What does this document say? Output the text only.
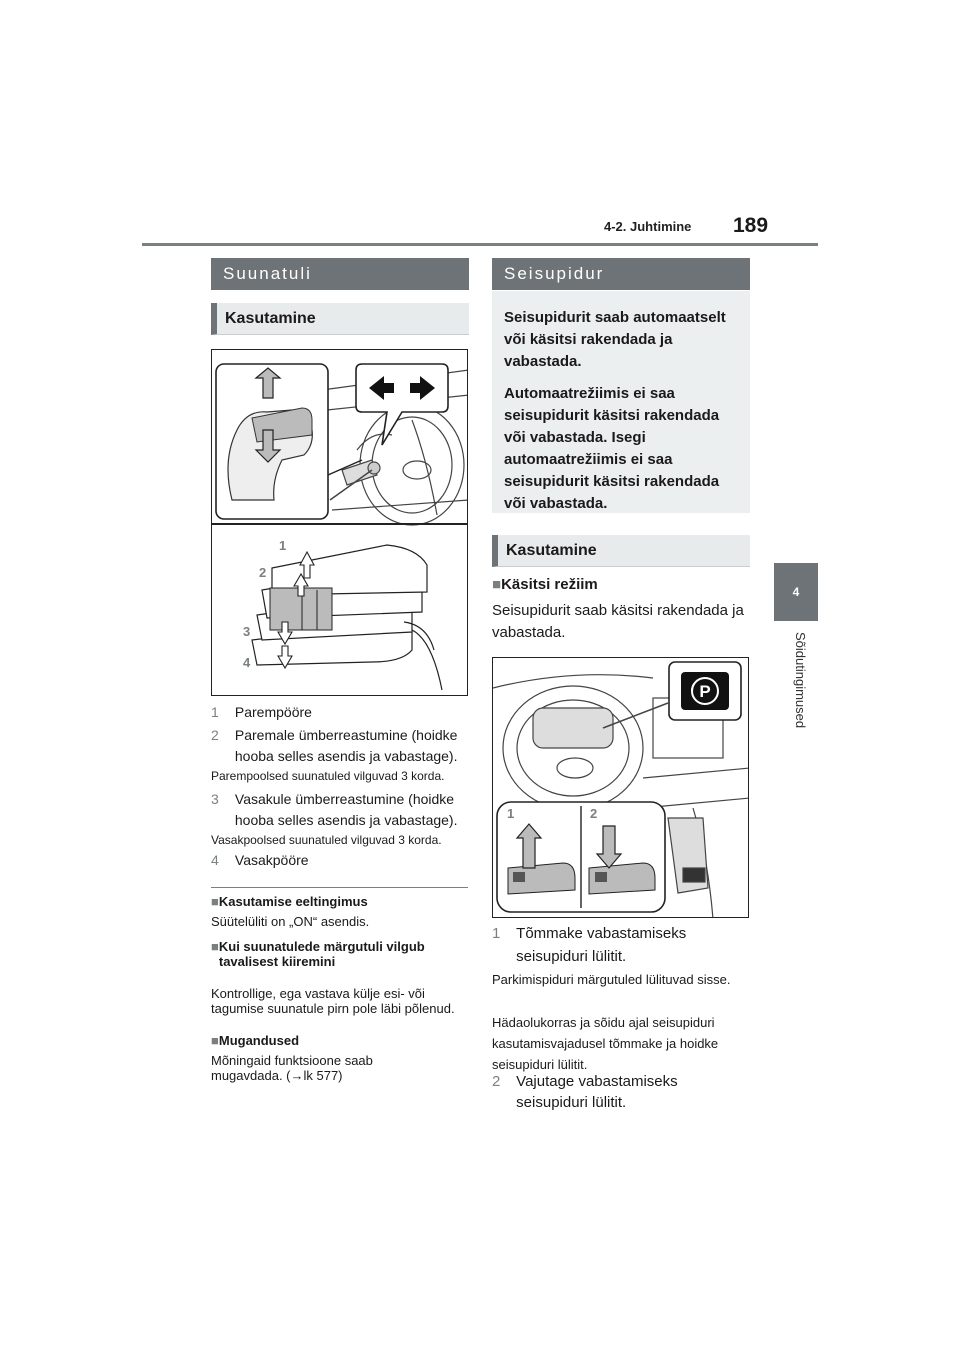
4-2. Juhtimine 189
4
Sõidutingimused
Suunatuli
Kasutamine
1
2
3
4
1 Parempööre
2 Paremale ümberreastumine (hoidke hooba selles asendis ja vabastage).
Parempoolsed suunatuled vilguvad 3 korda.
3 Vasakule ümberreastumine (hoidke hooba selles asendis ja vabastage).
Vasakpoolsed suunatuled vilguvad 3 korda.
4 Vasakpööre
■Kasutamise eeltingimus
Süütelüliti on „ON“ asendis.
■Kui suunatulede märgutuli vilgub tavalisest kiiremini
Kontrollige, ega vastava külje esi- või tagumise suunatule pirn pole läbi põlenud.
■Mugandused
Mõningaid funktsioone saab mugavdada. (→lk 577)
Seisupidur

Seisupidurit saab automaatselt või käsitsi rakendada ja vabastada.

Automaatrežiimis ei saa seisupidurit käsitsi rakendada või vabastada. Isegi automaatrežiimis ei saa seisupidurit käsitsi rakendada või vabastada.

Kasutamine
■Käsitsi režiim
Seisupidurit saab käsitsi rakendada ja vabastada.
P
1	2
1 Tõmmake vabastamiseks seisupiduri lülitit.
Parkimispiduri märgutuled lülituvad sisse.
Hädaolukorras ja sõidu ajal seisupiduri kasutamisvajadusel tõmmake ja hoidke seisupiduri lülitit.
2 Vajutage vabastamiseks seisupiduri lülitit.
